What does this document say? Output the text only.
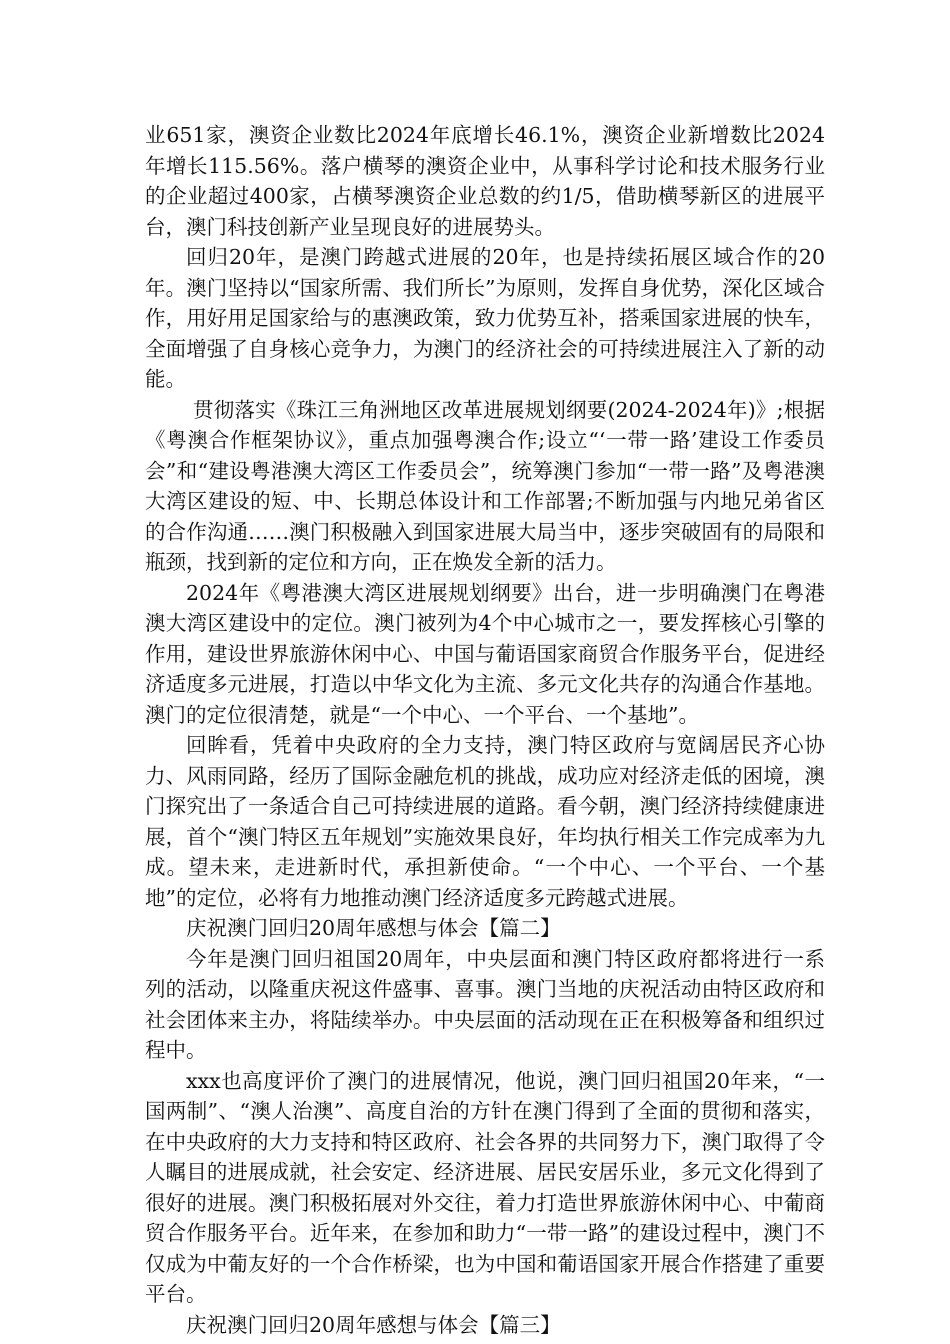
业651家，澳资企业数比2024年底增长46.1%，澳资企业新增数比2024年增长115.56%。落户横琴的澳资企业中，从事科学讨论和技术服务行业的企业超过400家，占横琴澳资企业总数的约1/5，借助横琴新区的进展平台，澳门科技创新产业呈现良好的进展势头。

回归20年，是澳门跨越式进展的20年，也是持续拓展区域合作的20年。澳门坚持以“国家所需、我们所长”为原则，发挥自身优势，深化区域合作，用好用足国家给与的惠澳政策，致力优势互补，搭乘国家进展的快车，全面增强了自身核心竞争力，为澳门的经济社会的可持续进展注入了新的动能。

贯彻落实《珠江三角洲地区改革进展规划纲要(2024-2024年)》;根据《粤澳合作框架协议》，重点加强粤澳合作;设立“‘一带一路’建设工作委员会”和“建设粤港澳大湾区工作委员会”，统筹澳门参加“一带一路”及粤港澳大湾区建设的短、中、长期总体设计和工作部署;不断加强与内地兄弟省区的合作沟通……澳门积极融入到国家进展大局当中，逐步突破固有的局限和瓶颈，找到新的定位和方向，正在焕发全新的活力。

2024年《粤港澳大湾区进展规划纲要》出台，进一步明确澳门在粤港澳大湾区建设中的定位。澳门被列为4个中心城市之一，要发挥核心引擎的作用，建设世界旅游休闲中心、中国与葡语国家商贸合作服务平台，促进经济适度多元进展，打造以中华文化为主流、多元文化共存的沟通合作基地。澳门的定位很清楚，就是“一个中心、一个平台、一个基地”。

回眸看，凭着中央政府的全力支持，澳门特区政府与宽阔居民齐心协力、风雨同路，经历了国际金融危机的挑战，成功应对经济走低的困境，澳门探究出了一条适合自己可持续进展的道路。看今朝，澳门经济持续健康进展，首个“澳门特区五年规划”实施效果良好，年均执行相关工作完成率为九成。望未来，走进新时代，承担新使命。“一个中心、一个平台、一个基地”的定位，必将有力地推动澳门经济适度多元跨越式进展。

庆祝澳门回归20周年感想与体会【篇二】

今年是澳门回归祖国20周年，中央层面和澳门特区政府都将进行一系列的活动，以隆重庆祝这件盛事、喜事。澳门当地的庆祝活动由特区政府和社会团体来主办，将陆续举办。中央层面的活动现在正在积极筹备和组织过程中。

xxx也高度评价了澳门的进展情况，他说，澳门回归祖国20年来，“一国两制”、“澳人治澳”、高度自治的方针在澳门得到了全面的贯彻和落实，在中央政府的大力支持和特区政府、社会各界的共同努力下，澳门取得了令人瞩目的进展成就，社会安定、经济进展、居民安居乐业，多元文化得到了很好的进展。澳门积极拓展对外交往，着力打造世界旅游休闲中心、中葡商贸合作服务平台。近年来，在参加和助力“一带一路”的建设过程中，澳门不仅成为中葡友好的一个合作桥梁，也为中国和葡语国家开展合作搭建了重要平台。

庆祝澳门回归20周年感想与体会【篇三】
